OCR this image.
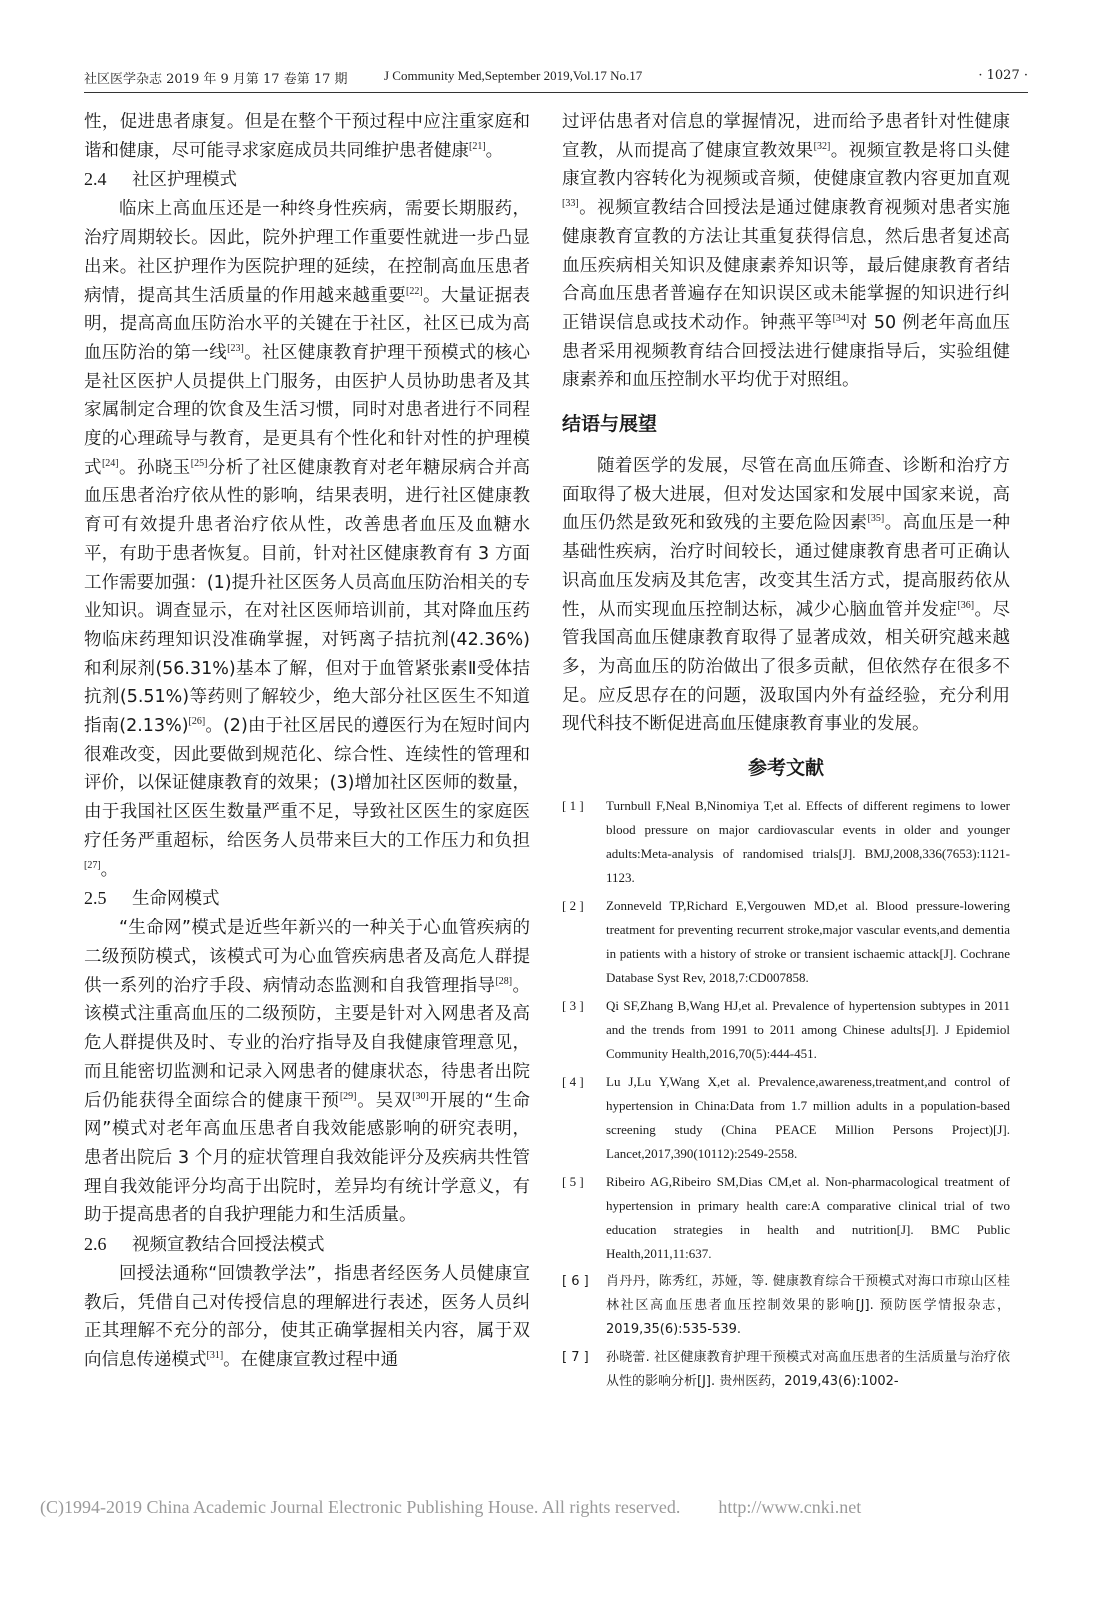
社区医学杂志 2019 年 9 月第 17 卷第 17 期	J Community Med,September 2019,Vol.17 No.17	· 1027 ·

性，促进患者康复。但是在整个干预过程中应注重家庭和谐和健康，尽可能寻求家庭成员共同维护患者健康[21]。

2.4 社区护理模式

临床上高血压还是一种终身性疾病，需要长期服药，治疗周期较长。因此，院外护理工作重要性就进一步凸显出来。社区护理作为医院护理的延续，在控制高血压患者病情，提高其生活质量的作用越来越重要[22]。大量证据表明，提高高血压防治水平的关键在于社区，社区已成为高血压防治的第一线[23]。社区健康教育护理干预模式的核心是社区医护人员提供上门服务，由医护人员协助患者及其家属制定合理的饮食及生活习惯，同时对患者进行不同程度的心理疏导与教育，是更具有个性化和针对性的护理模式[24]。孙晓玉[25]分析了社区健康教育对老年糖尿病合并高血压患者治疗依从性的影响，结果表明，进行社区健康教育可有效提升患者治疗依从性，改善患者血压及血糖水平，有助于患者恢复。目前，针对社区健康教育有 3 方面工作需要加强：(1)提升社区医务人员高血压防治相关的专业知识。调查显示，在对社区医师培训前，其对降血压药物临床药理知识没准确掌握，对钙离子拮抗剂(42.36%)和利尿剂(56.31%)基本了解，但对于血管紧张素Ⅱ受体拮抗剂(5.51%)等药则了解较少，绝大部分社区医生不知道指南(2.13%)[26]。(2)由于社区居民的遵医行为在短时间内很难改变，因此要做到规范化、综合性、连续性的管理和评价，以保证健康教育的效果；(3)增加社区医师的数量，由于我国社区医生数量严重不足，导致社区医生的家庭医疗任务严重超标，给医务人员带来巨大的工作压力和负担[27]。

2.5 生命网模式

“生命网”模式是近些年新兴的一种关于心血管疾病的二级预防模式，该模式可为心血管疾病患者及高危人群提供一系列的治疗手段、病情动态监测和自我管理指导[28]。该模式注重高血压的二级预防，主要是针对入网患者及高危人群提供及时、专业的治疗指导及自我健康管理意见，而且能密切监测和记录入网患者的健康状态，待患者出院后仍能获得全面综合的健康干预[29]。吴双[30]开展的“生命网”模式对老年高血压患者自我效能感影响的研究表明，患者出院后 3 个月的症状管理自我效能评分及疾病共性管理自我效能评分均高于出院时，差异均有统计学意义，有助于提高患者的自我护理能力和生活质量。

2.6 视频宣教结合回授法模式

回授法通称“回馈教学法”，指患者经医务人员健康宣教后，凭借自己对传授信息的理解进行表述，医务人员纠正其理解不充分的部分，使其正确掌握相关内容，属于双向信息传递模式[31]。在健康宣教过程中通

过评估患者对信息的掌握情况，进而给予患者针对性健康宣教，从而提高了健康宣教效果[32]。视频宣教是将口头健康宣教内容转化为视频或音频，使健康宣教内容更加直观[33]。视频宣教结合回授法是通过健康教育视频对患者实施健康教育宣教的方法让其重复获得信息，然后患者复述高血压疾病相关知识及健康素养知识等，最后健康教育者结合高血压患者普遍存在知识误区或未能掌握的知识进行纠正错误信息或技术动作。钟燕平等[34]对 50 例老年高血压患者采用视频教育结合回授法进行健康指导后，实验组健康素养和血压控制水平均优于对照组。

结语与展望

随着医学的发展，尽管在高血压筛查、诊断和治疗方面取得了极大进展，但对发达国家和发展中国家来说，高血压仍然是致死和致残的主要危险因素[35]。高血压是一种基础性疾病，治疗时间较长，通过健康教育患者可正确认识高血压发病及其危害，改变其生活方式，提高服药依从性，从而实现血压控制达标，减少心脑血管并发症[36]。尽管我国高血压健康教育取得了显著成效，相关研究越来越多，为高血压的防治做出了很多贡献，但依然存在很多不足。应反思存在的问题，汲取国内外有益经验，充分利用现代科技不断促进高血压健康教育事业的发展。

参考文献
[ 1 ] Turnbull F,Neal B,Ninomiya T,et al. Effects of different regimens to lower blood pressure on major cardiovascular events in older and younger adults:Meta-analysis of randomised trials[J]. BMJ,2008,336(7653):1121-1123.
[ 2 ] Zonneveld TP,Richard E,Vergouwen MD,et al. Blood pressure-lowering treatment for preventing recurrent stroke,major vascular events,and dementia in patients with a history of stroke or transient ischaemic attack[J]. Cochrane Database Syst Rev, 2018,7:CD007858.
[ 3 ] Qi SF,Zhang B,Wang HJ,et al. Prevalence of hypertension subtypes in 2011 and the trends from 1991 to 2011 among Chinese adults[J]. J Epidemiol Community Health,2016,70(5):444-451.
[ 4 ] Lu J,Lu Y,Wang X,et al. Prevalence,awareness,treatment,and control of hypertension in China:Data from 1.7 million adults in a population-based screening study (China PEACE Million Persons Project)[J]. Lancet,2017,390(10112):2549-2558.
[ 5 ] Ribeiro AG,Ribeiro SM,Dias CM,et al. Non-pharmacological treatment of hypertension in primary health care:A comparative clinical trial of two education strategies in health and nutrition[J]. BMC Public Health,2011,11:637.
[ 6 ] 肖丹丹，陈秀红，苏娅，等. 健康教育综合干预模式对海口市琼山区桂林社区高血压患者血压控制效果的影响[J]. 预防医学情报杂志，2019,35(6):535-539.
[ 7 ] 孙晓蕾. 社区健康教育护理干预模式对高血压患者的生活质量与治疗依从性的影响分析[J]. 贵州医药，2019,43(6):1002-
(C)1994-2019 China Academic Journal Electronic Publishing House. All rights reserved. http://www.cnki.net
